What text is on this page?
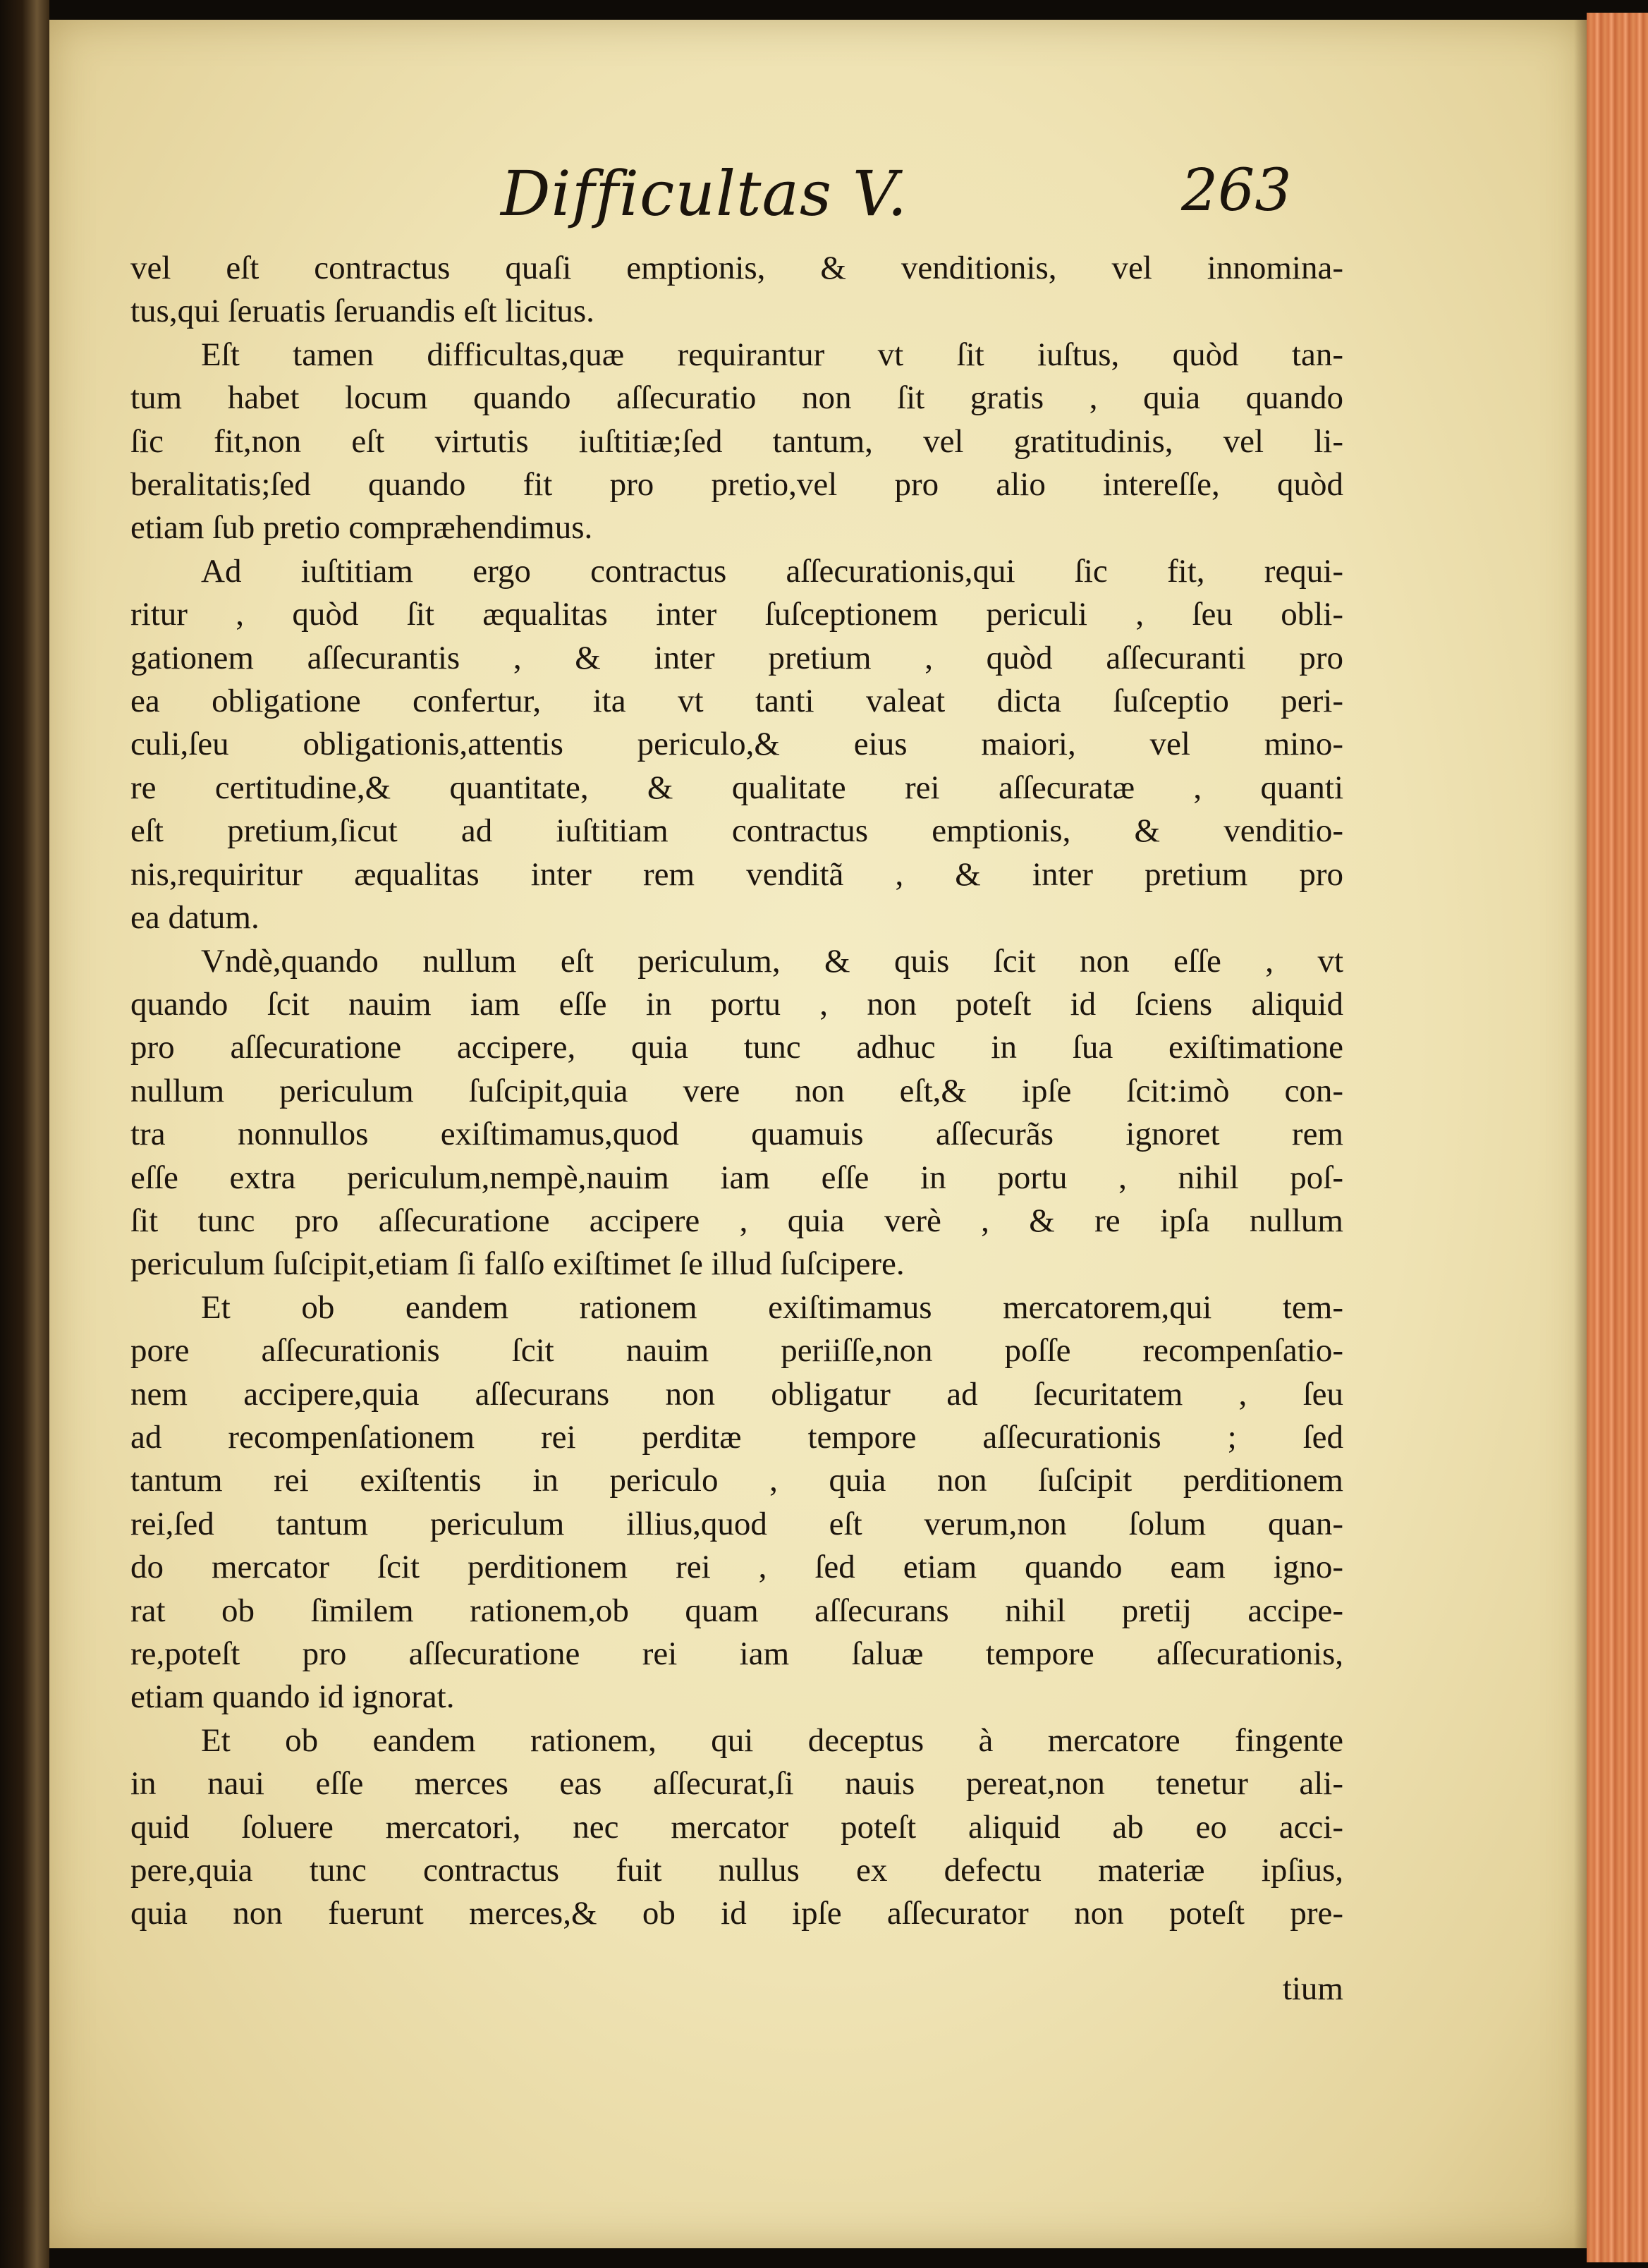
Difficultas V.	263

vel eſt contractus quaſi emptionis, & venditionis, vel innomina-

tus,qui ſeruatis ſeruandis eſt licitus.

Eſt tamen difficultas,quæ requirantur vt ſit iuſtus, quòd tan-

tum habet locum quando aſſecuratio non ſit gratis , quia quando

ſic fit,non eſt virtutis iuſtitiæ;ſed tantum, vel gratitudinis, vel li-

beralitatis;ſed quando fit pro pretio,vel pro alio intereſſe, quòd

etiam ſub pretio compræhendimus.

Ad iuſtitiam ergo contractus aſſecurationis,qui ſic fit, requi-

ritur , quòd ſit æqualitas inter ſuſceptionem periculi , ſeu obli-

gationem aſſecurantis , & inter pretium , quòd aſſecuranti pro

ea obligatione confertur, ita vt tanti valeat dicta ſuſceptio peri-

culi,ſeu obligationis,attentis periculo,& eius maiori, vel mino-

re certitudine,& quantitate, & qualitate rei aſſecuratæ , quanti

eſt pretium,ſicut ad iuſtitiam contractus emptionis, & venditio-

nis,requiritur æqualitas inter rem venditã , & inter pretium pro

ea datum.

Vndè,quando nullum eſt periculum, & quis ſcit non eſſe , vt

quando ſcit nauim iam eſſe in portu , non poteſt id ſciens aliquid

pro aſſecuratione accipere, quia tunc adhuc in ſua exiſtimatione

nullum periculum ſuſcipit,quia vere non eſt,& ipſe ſcit:imò con-

tra nonnullos exiſtimamus,quod quamuis aſſecurãs ignoret rem

eſſe extra periculum,nempè,nauim iam eſſe in portu , nihil poſ-

ſit tunc pro aſſecuratione accipere , quia verè , & re ipſa nullum

periculum ſuſcipit,etiam ſi falſo exiſtimet ſe illud ſuſcipere.

Et ob eandem rationem exiſtimamus mercatorem,qui tem-

pore aſſecurationis ſcit nauim periiſſe,non poſſe recompenſatio-

nem accipere,quia aſſecurans non obligatur ad ſecuritatem , ſeu

ad recompenſationem rei perditæ tempore aſſecurationis ; ſed

tantum rei exiſtentis in periculo , quia non ſuſcipit perditionem

rei,ſed tantum periculum illius,quod eſt verum,non ſolum quan-

do mercator ſcit perditionem rei , ſed etiam quando eam igno-

rat ob ſimilem rationem,ob quam aſſecurans nihil pretij accipe-

re,poteſt pro aſſecuratione rei iam ſaluæ tempore aſſecurationis,

etiam quando id ignorat.

Et ob eandem rationem, qui deceptus à mercatore fingente

in naui eſſe merces eas aſſecurat,ſi nauis pereat,non tenetur ali-

quid ſoluere mercatori, nec mercator poteſt aliquid ab eo acci-

pere,quia tunc contractus fuit nullus ex defectu materiæ ipſius,

quia non fuerunt merces,& ob id ipſe aſſecurator non poteſt pre-

tium
